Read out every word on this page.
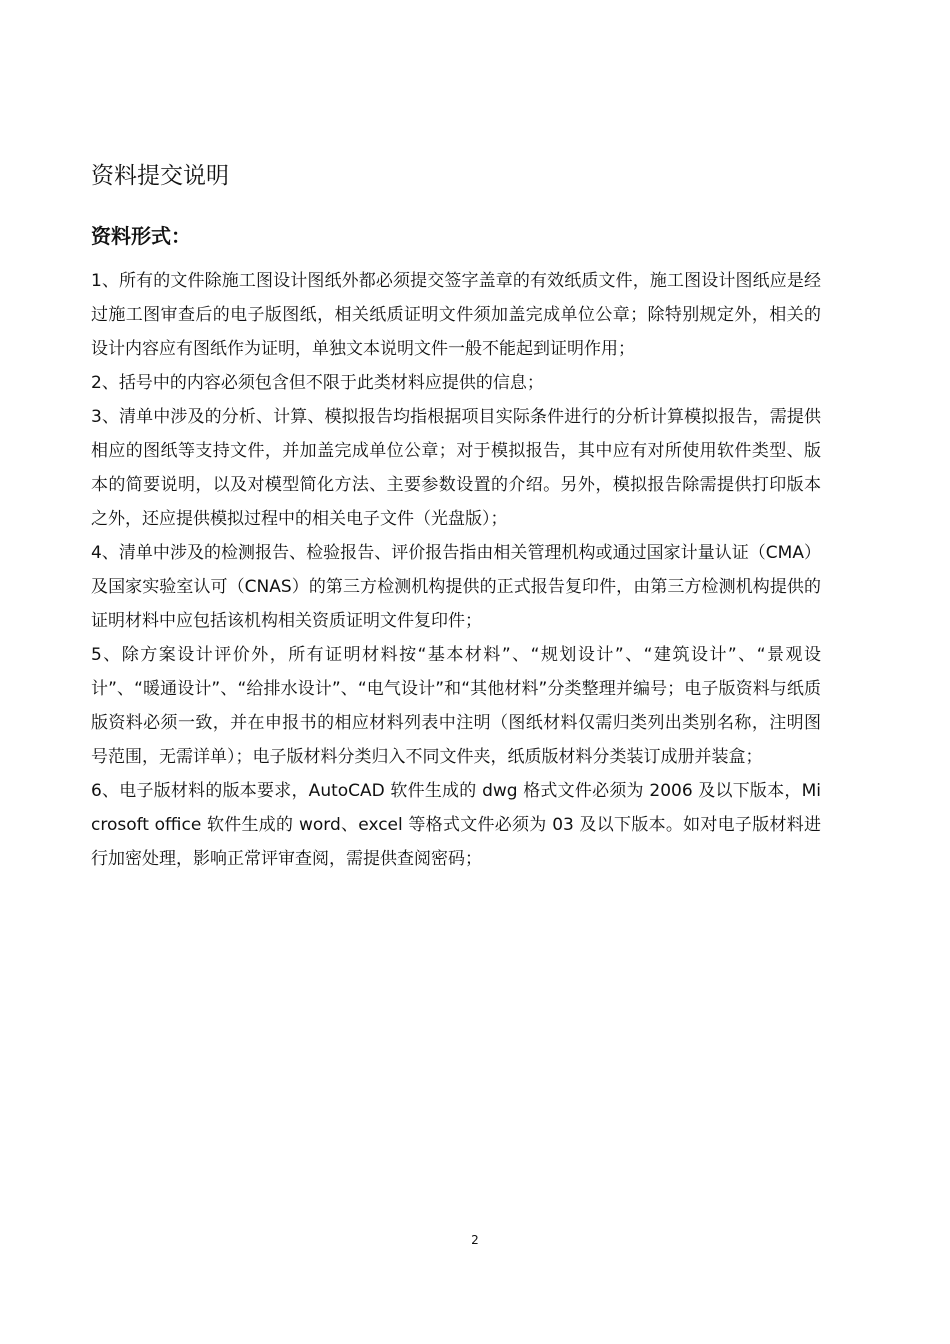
资料提交说明
资料形式：

1、所有的文件除施工图设计图纸外都必须提交签字盖章的有效纸质文件，施工图设计图纸应是经过施工图审查后的电子版图纸，相关纸质证明文件须加盖完成单位公章；除特别规定外，相关的设计内容应有图纸作为证明，单独文本说明文件一般不能起到证明作用；

2、括号中的内容必须包含但不限于此类材料应提供的信息；

3、清单中涉及的分析、计算、模拟报告均指根据项目实际条件进行的分析计算模拟报告，需提供相应的图纸等支持文件，并加盖完成单位公章；对于模拟报告，其中应有对所使用软件类型、版本的简要说明，以及对模型简化方法、主要参数设置的介绍。另外，模拟报告除需提供打印版本之外，还应提供模拟过程中的相关电子文件（光盘版）；

4、清单中涉及的检测报告、检验报告、评价报告指由相关管理机构或通过国家计量认证（CMA）及国家实验室认可（CNAS）的第三方检测机构提供的正式报告复印件，由第三方检测机构提供的证明材料中应包括该机构相关资质证明文件复印件；

5、除方案设计评价外，所有证明材料按“基本材料”、“规划设计”、“建筑设计”、“景观设计”、“暖通设计”、“给排水设计”、“电气设计”和“其他材料”分类整理并编号；电子版资料与纸质版资料必须一致，并在申报书的相应材料列表中注明（图纸材料仅需归类列出类别名称，注明图号范围，无需详单）；电子版材料分类归入不同文件夹，纸质版材料分类装订成册并装盒；

6、电子版材料的版本要求，AutoCAD 软件生成的 dwg 格式文件必须为 2006 及以下版本，Microsoft office 软件生成的 word、excel 等格式文件必须为 03 及以下版本。如对电子版材料进行加密处理，影响正常评审查阅，需提供查阅密码；

2
